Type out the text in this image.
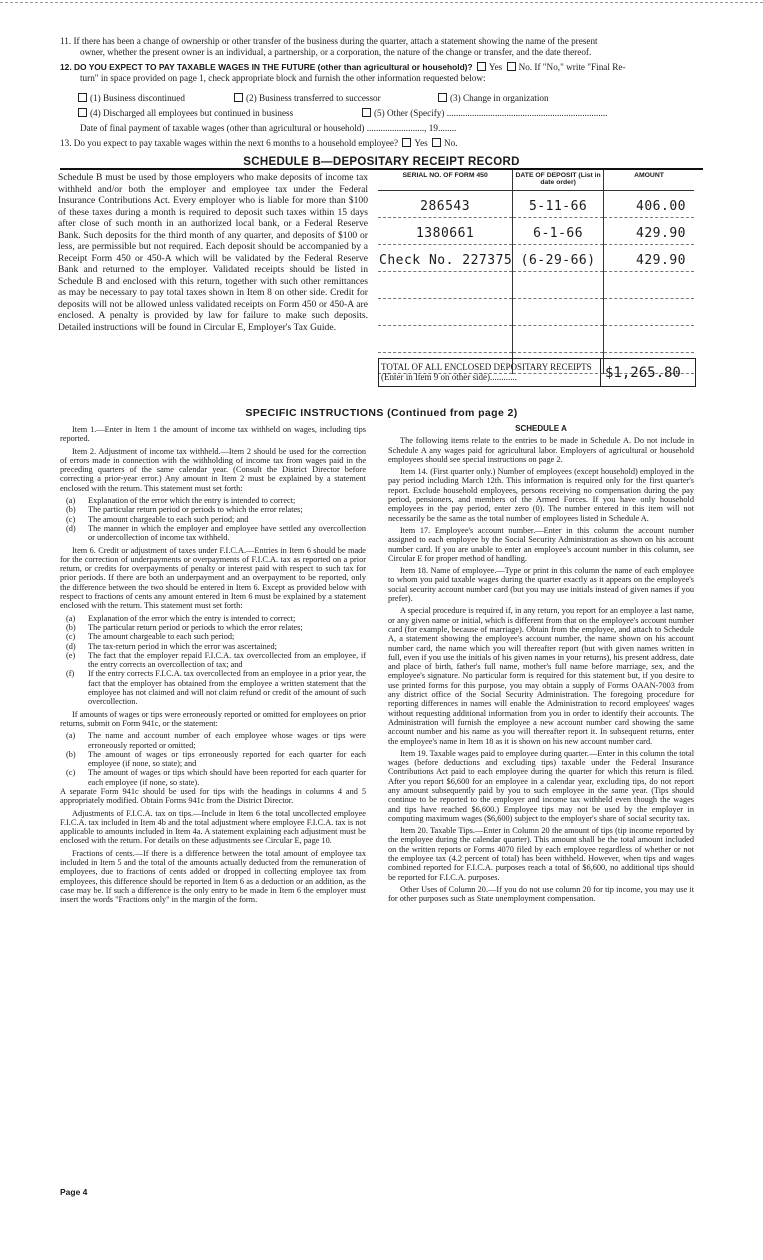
11. If there has been a change of ownership or other transfer of the business during the quarter, attach a statement showing the name of the present
owner, whether the present owner is an individual, a partnership, or a corporation, the nature of the change or transfer, and the date thereof.
12. DO YOU EXPECT TO PAY TAXABLE WAGES IN THE FUTURE (other than agricultural or household)? Yes No. If "No," write "Final Re-
turn" in space provided on page 1, check appropriate block and furnish the other information requested below:
(1) Business discontinued	(2) Business transferred to successor	(3) Change in organization
(4) Discharged all employees but continued in business	(5) Other (Specify) ......................................................................
Date of final payment of taxable wages (other than agricultural or household) ........................., 19........
13. Do you expect to pay taxable wages within the next 6 months to a household employee? Yes No.
SCHEDULE B—DEPOSITARY RECEIPT RECORD
Schedule B must be used by those employers who make deposits of income tax withheld and/or both the employer and employee tax under the Federal Insurance Contributions Act. Every employer who is liable for more than $100 of these taxes during a month is required to deposit such taxes within 15 days after close of such month in an authorized local bank, or a Federal Reserve Bank. Such deposits for the third month of any quarter, and deposits of $100 or less, are permissible but not required. Each deposit should be accompanied by a Receipt Form 450 or 450-A which will be validated by the Federal Reserve Bank and returned to the employer. Validated receipts should be listed in Schedule B and enclosed with this return, together with such other remittances as may be necessary to pay total taxes shown in Item 8 on other side. Credit for deposits will not be allowed unless validated receipts on Form 450 or 450-A are enclosed. A penalty is provided by law for failure to make such deposits. Detailed instructions will be found in Circular E, Employer's Tax Guide.
SERIAL NO. OF FORM 450	DATE OF DEPOSIT (List in date order)	AMOUNT

286543	5-11-66	406.00

1380661	6-1-66	429.90

Check No. 227375	(6-29-66)	429.90

TOTAL OF ALL ENCLOSED DEPOSITARY RECEIPTS (Enter in Item 9 on other side)............	$1,265.80
SPECIFIC INSTRUCTIONS (Continued from page 2)

Item 1.—Enter in Item 1 the amount of income tax withheld on wages, including tips reported.

Item 2. Adjustment of income tax withheld.—Item 2 should be used for the correction of errors made in connection with the withholding of income tax from wages paid in the preceding quarters of the same calendar year. (Consult the District Director before correcting a prior-year error.) Any amount in Item 2 must be explained by a statement enclosed with the return. This statement must set forth:

(a)	Explanation of the error which the entry is intended to correct;
(b)	The particular return period or periods to which the error relates;
(c)	The amount chargeable to each such period; and
(d)	The manner in which the employer and employee have settled any overcollection or undercollection of income tax withheld.

Item 6. Credit or adjustment of taxes under F.I.C.A.—Entries in Item 6 should be made for the correction of underpayments or overpayments of F.I.C.A. tax as reported on a prior return, or credits for overpayments of penalty or interest paid with respect to such tax for prior periods. If there are both an underpayment and an overpayment to be reported, only the difference between the two should be entered in Item 6. Except as provided below with respect to fractions of cents any amount entered in Item 6 must be explained by a statement enclosed with the return. This statement must set forth:

(a)	Explanation of the error which the entry is intended to correct;
(b)	The particular return period or periods to which the error relates;
(c)	The amount chargeable to each such period;
(d)	The tax-return period in which the error was ascertained;
(e)	The fact that the employer repaid F.I.C.A. tax overcollected from an employee, if the entry corrects an overcollection of tax; and
(f)	If the entry corrects F.I.C.A. tax overcollected from an employee in a prior year, the fact that the employer has obtained from the employee a written statement that the employee has not claimed and will not claim refund or credit of the amount of such overcollection.

If amounts of wages or tips were erroneously reported or omitted for employees on prior returns, submit on Form 941c, or the statement:

(a)	The name and account number of each employee whose wages or tips were erroneously reported or omitted;
(b)	The amount of wages or tips erroneously reported for each quarter for each employee (if none, so state); and
(c)	The amount of wages or tips which should have been reported for each quarter for each employee (if none, so state).

A separate Form 941c should be used for tips with the headings in columns 4 and 5 appropriately modified. Obtain Forms 941c from the District Director.

Adjustments of F.I.C.A. tax on tips.—Include in Item 6 the total uncollected employee F.I.C.A. tax included in Item 4b and the total adjustment where employee F.I.C.A. tax is not applicable to amounts included in Item 4a. A statement explaining each adjustment must be enclosed with the return. For details on these adjustments see Circular E, page 10.

Fractions of cents.—If there is a difference between the total amount of employee tax included in Item 5 and the total of the amounts actually deducted from the remuneration of employees, due to fractions of cents added or dropped in collecting employee tax from employees, this difference should be reported in Item 6 as a deduction or an addition, as the case may be. If such a difference is the only entry to be made in Item 6 the employer must insert the words "Fractions only" in the margin of the form.

SCHEDULE A

The following items relate to the entries to be made in Schedule A. Do not include in Schedule A any wages paid for agricultural labor. Employers of agricultural or household employees should see special instructions on page 2.

Item 14. (First quarter only.) Number of employees (except household) employed in the pay period including March 12th. This information is required only for the first quarter's report. Exclude household employees, persons receiving no compensation during the pay period, pensioners, and members of the Armed Forces. If you have only household employees in the pay period, enter zero (0). The number entered in this item will not necessarily be the same as the total number of employees listed in Schedule A.

Item 17. Employee's account number.—Enter in this column the account number assigned to each employee by the Social Security Administration as shown on his account number card. If you are unable to enter an employee's account number in this column, see Circular E for proper method of handling.

Item 18. Name of employee.—Type or print in this column the name of each employee to whom you paid taxable wages during the quarter exactly as it appears on the employee's social security account number card (but you may use initials instead of given names if you prefer).

A special procedure is required if, in any return, you report for an employee a last name, or any given name or initial, which is different from that on the employee's account number card (for example, because of marriage). Obtain from the employee, and attach to Schedule A, a statement showing the employee's account number, the name shown on his account number card, the name which you will thereafter report (but with given names written in full, even if you use the initials of his given names in your returns), his present address, date and place of birth, father's full name, mother's full name before marriage, sex, and the employee's signature. No particular form is required for this statement but, if you desire to use printed forms for this purpose, you may obtain a supply of Forms OAAN-7003 from any district office of the Social Security Administration. The foregoing procedure for reporting differences in names will enable the Administration to record employees' wages without requesting additional information from you in order to identify their accounts. The Administration will furnish the employee a new account number card showing the same account number and his name as you will thereafter report it. In subsequent returns, enter the employee's name in Item 18 as it is shown on his new account number card.

Item 19. Taxable wages paid to employee during quarter.—Enter in this column the total wages (before deductions and excluding tips) taxable under the Federal Insurance Contributions Act paid to each employee during the quarter for which this return is filed. After you report $6,600 for an employee in a calendar year, excluding tips, do not report any amount subsequently paid by you to such employee in the same year. (Tips should continue to be reported to the employer and income tax withheld even though the wages and tips have reached $6,600.) Employee tips may not be used by the employer in computing maximum wages ($6,600) subject to the employer's share of social security tax.

Item 20. Taxable Tips.—Enter in Column 20 the amount of tips (tip income reported by the employee during the calendar quarter). This amount shall be the total amount included on the written reports or Forms 4070 filed by each employee regardless of whether or not the employee tax (4.2 percent of total) has been withheld. However, when tips and wages combined reported for F.I.C.A. purposes reach a total of $6,600, no additional tips should be reported for F.I.C.A. purposes.

Other Uses of Column 20.—If you do not use column 20 for tip income, you may use it for other purposes such as State unemployment compensation.

Page 4
